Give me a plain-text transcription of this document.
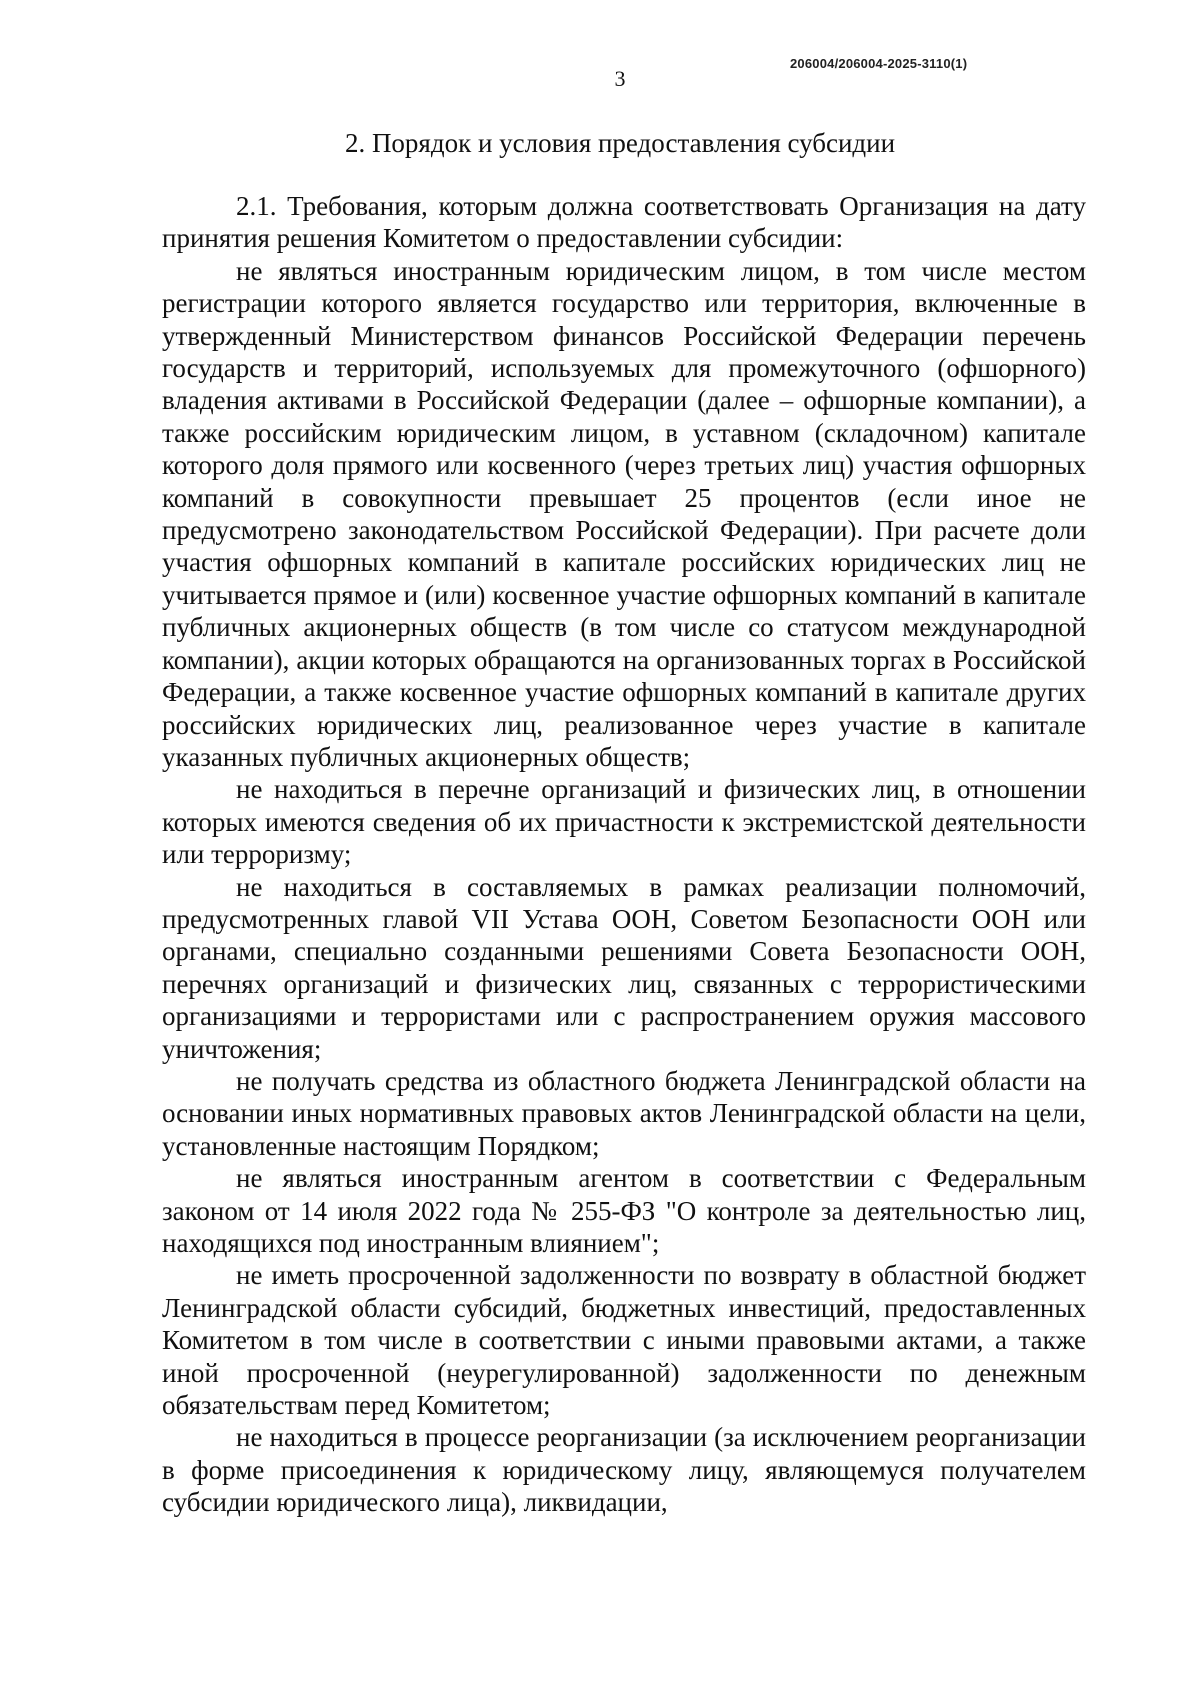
206004/206004-2025-3110(1)
3
2. Порядок и условия предоставления субсидии

2.1. Требования, которым должна соответствовать Организация на дату принятия решения Комитетом о предоставлении субсидии:

не являться иностранным юридическим лицом, в том числе местом регистрации которого является государство или территория, включенные в утвержденный Министерством финансов Российской Федерации перечень государств и территорий, используемых для промежуточного (офшорного) владения активами в Российской Федерации (далее – офшорные компании), а также российским юридическим лицом, в уставном (складочном) капитале которого доля прямого или косвенного (через третьих лиц) участия офшорных компаний в совокупности превышает 25 процентов (если иное не предусмотрено законодательством Российской Федерации). При расчете доли участия офшорных компаний в капитале российских юридических лиц не учитывается прямое и (или) косвенное участие офшорных компаний в капитале публичных акционерных обществ (в том числе со статусом международной компании), акции которых обращаются на организованных торгах в Российской Федерации, а также косвенное участие офшорных компаний в капитале других российских юридических лиц, реализованное через участие в капитале указанных публичных акционерных обществ;

не находиться в перечне организаций и физических лиц, в отношении которых имеются сведения об их причастности к экстремистской деятельности или терроризму;

не находиться в составляемых в рамках реализации полномочий, предусмотренных главой VII Устава ООН, Советом Безопасности ООН или органами, специально созданными решениями Совета Безопасности ООН, перечнях организаций и физических лиц, связанных с террористическими организациями и террористами или с распространением оружия массового уничтожения;

не получать средства из областного бюджета Ленинградской области на основании иных нормативных правовых актов Ленинградской области на цели, установленные настоящим Порядком;

не являться иностранным агентом в соответствии с Федеральным законом от 14 июля 2022 года № 255-ФЗ "О контроле за деятельностью лиц, находящихся под иностранным влиянием";

не иметь просроченной задолженности по возврату в областной бюджет Ленинградской области субсидий, бюджетных инвестиций, предоставленных Комитетом в том числе в соответствии с иными правовыми актами, а также иной просроченной (неурегулированной) задолженности по денежным обязательствам перед Комитетом;

не находиться в процессе реорганизации (за исключением реорганизации в форме присоединения к юридическому лицу, являющемуся получателем субсидии юридического лица), ликвидации,
